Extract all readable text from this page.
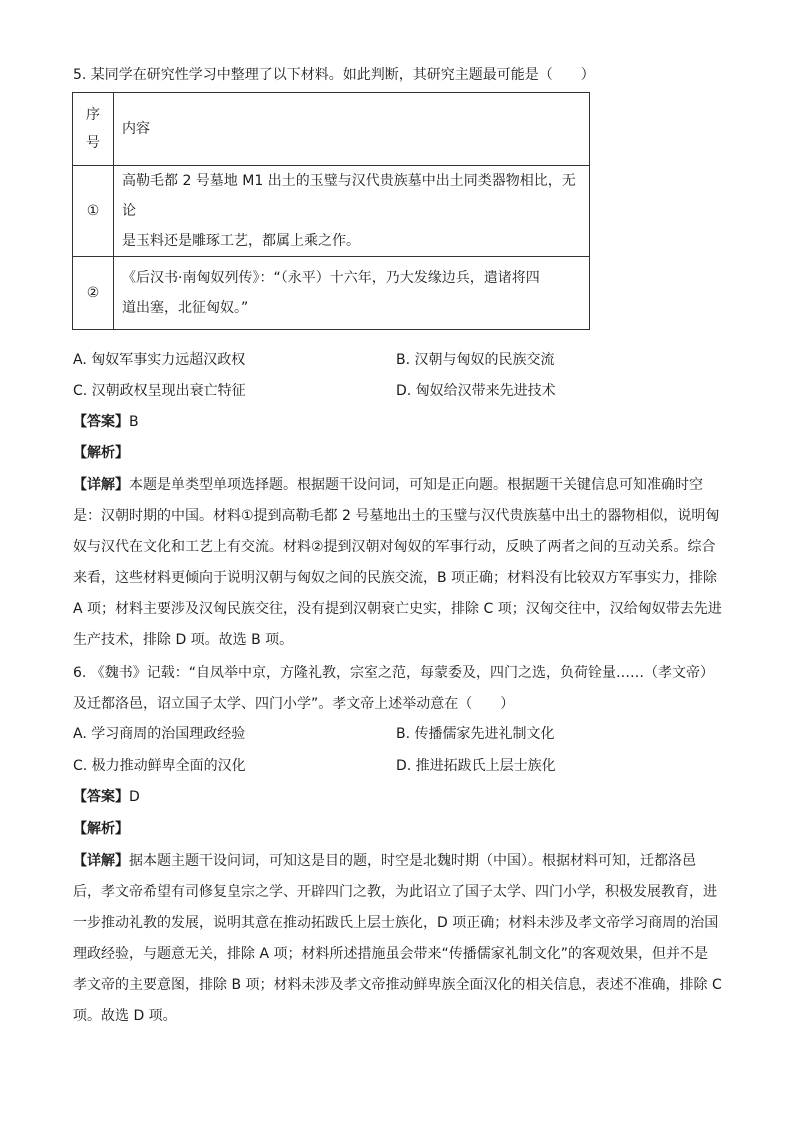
5. 某同学在研究性学习中整理了以下材料。如此判断，其研究主题最可能是（　　）
序
号	内容
①	高勒毛都 2 号墓地 M1 出土的玉璧与汉代贵族墓中出土同类器物相比，无论
是玉料还是雕琢工艺，都属上乘之作。

②	《后汉书·南匈奴列传》：“（永平）十六年，乃大发缘边兵，遣诸将四
道出塞，北征匈奴。”
A. 匈奴军事实力远超汉政权	B. 汉朝与匈奴的民族交流
C. 汉朝政权呈现出衰亡特征	D. 匈奴给汉带来先进技术
【答案】B
【解析】
【详解】本题是单类型单项选择题。根据题干设问词，可知是正向题。根据题干关键信息可知准确时空
是：汉朝时期的中国。材料①提到高勒毛都 2 号墓地出土的玉璧与汉代贵族墓中出土的器物相似，说明匈
奴与汉代在文化和工艺上有交流。材料②提到汉朝对匈奴的军事行动，反映了两者之间的互动关系。综合
来看，这些材料更倾向于说明汉朝与匈奴之间的民族交流，B 项正确；材料没有比较双方军事实力，排除
A 项；材料主要涉及汉匈民族交往，没有提到汉朝衰亡史实，排除 C 项；汉匈交往中，汉给匈奴带去先进
生产技术，排除 D 项。故选 B 项。
6. 《魏书》记载：“自凤举中京，方隆礼教，宗室之范，每蒙委及，四门之选，负荷铨量……（孝文帝）
及迁都洛邑，诏立国子太学、四门小学”。孝文帝上述举动意在（　　）
A. 学习商周的治国理政经验	B. 传播儒家先进礼制文化
C. 极力推动鲜卑全面的汉化	D. 推进拓跋氏上层士族化
【答案】D
【解析】
【详解】据本题主题干设问词，可知这是目的题，时空是北魏时期（中国）。根据材料可知，迁都洛邑
后，孝文帝希望有司修复皇宗之学、开辟四门之教，为此诏立了国子太学、四门小学，积极发展教育，进
一步推动礼教的发展，说明其意在推动拓跋氏上层士族化，D 项正确；材料未涉及孝文帝学习商周的治国
理政经验，与题意无关，排除 A 项；材料所述措施虽会带来“传播儒家礼制文化”的客观效果，但并不是
孝文帝的主要意图，排除 B 项；材料未涉及孝文帝推动鲜卑族全面汉化的相关信息，表述不准确，排除 C
项。故选 D 项。
